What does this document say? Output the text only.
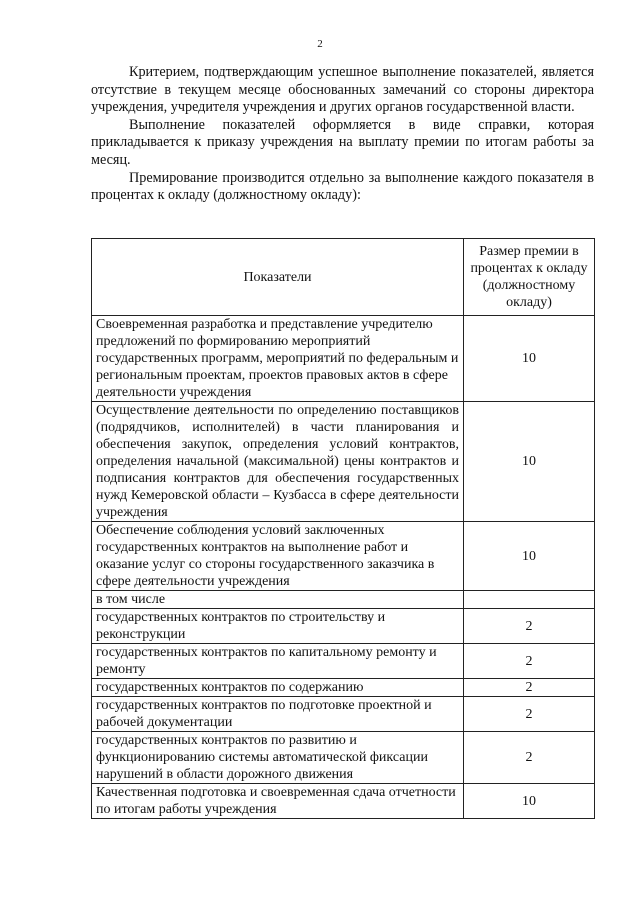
2

Критерием, подтверждающим успешное выполнение показателей, является отсутствие в текущем месяце обоснованных замечаний со стороны директора учреждения, учредителя учреждения и других органов государственной власти.

Выполнение показателей оформляется в виде справки, которая прикладывается к приказу учреждения на выплату премии по итогам работы за месяц.

Премирование производится отдельно за выполнение каждого показателя в процентах к окладу (должностному окладу):

Показатели	Размер премии в процентах к окладу (должностному окладу)
Своевременная разработка и представление учредителю предложений по формированию мероприятий государственных программ, мероприятий по федеральным и региональным проектам, проектов правовых актов в сфере деятельности учреждения	10
Осуществление деятельности по определению поставщиков (подрядчиков, исполнителей) в части планирования и обеспечения закупок, определения условий контрактов, определения начальной (максимальной) цены контрактов и подписания контрактов для обеспечения государственных нужд Кемеровской области – Кузбасса в сфере деятельности учреждения	10
Обеспечение соблюдения условий заключенных государственных контрактов на выполнение работ и оказание услуг со стороны государственного заказчика в сфере деятельности учреждения	10
в том числе	
государственных контрактов по строительству и реконструкции	2
государственных контрактов по капитальному ремонту и ремонту	2
государственных контрактов по содержанию	2
государственных контрактов по подготовке проектной и рабочей документации	2
государственных контрактов по развитию и функционированию системы автоматической фиксации нарушений в области дорожного движения	2
Качественная подготовка и своевременная сдача отчетности по итогам работы учреждения	10
